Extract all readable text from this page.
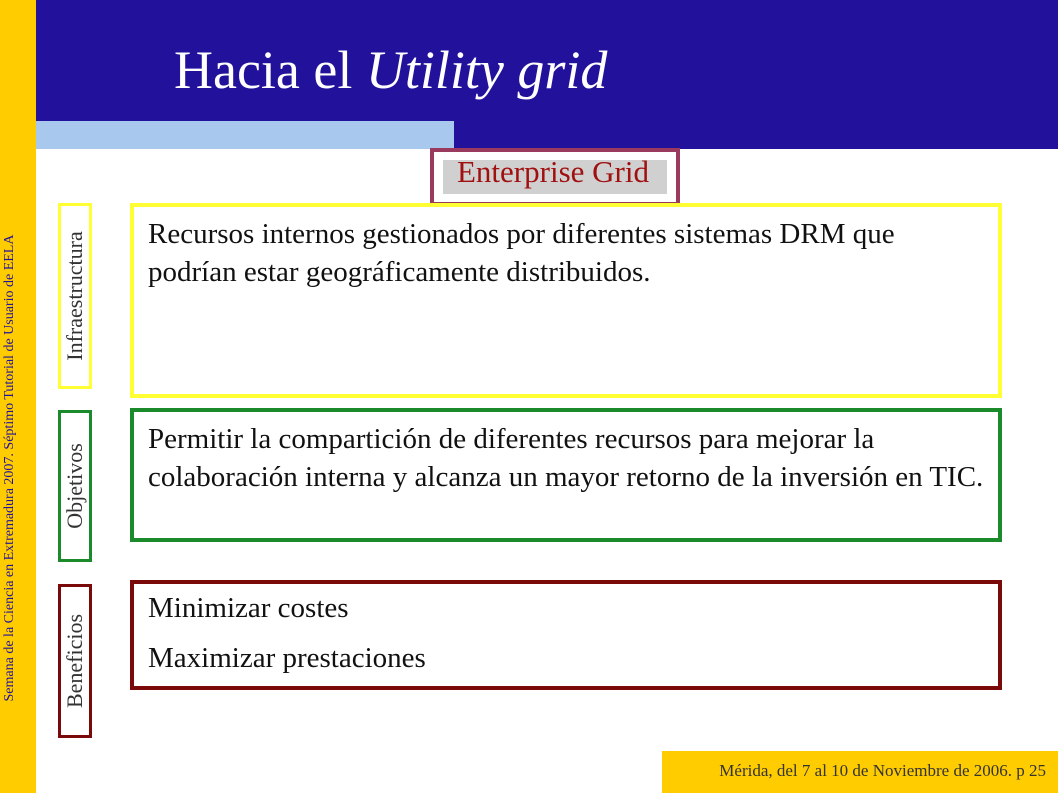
Hacia el Utility grid
Semana de la Ciencia en Extremadura 2007. Séptimo Tutorial de Usuario de EELA
Enterprise Grid
Infraestructura Recursos internos gestionados por diferentes sistemas DRM que podrían estar geográficamente distribuidos.
Objetivos
Permitir la compartición de diferentes recursos para mejorar la colaboración interna y alcanza un mayor retorno de la inversión en TIC.
Beneficios
Minimizar costes
Maximizar prestaciones
Mérida, del 7 al 10 de Noviembre de 2006. p 25
